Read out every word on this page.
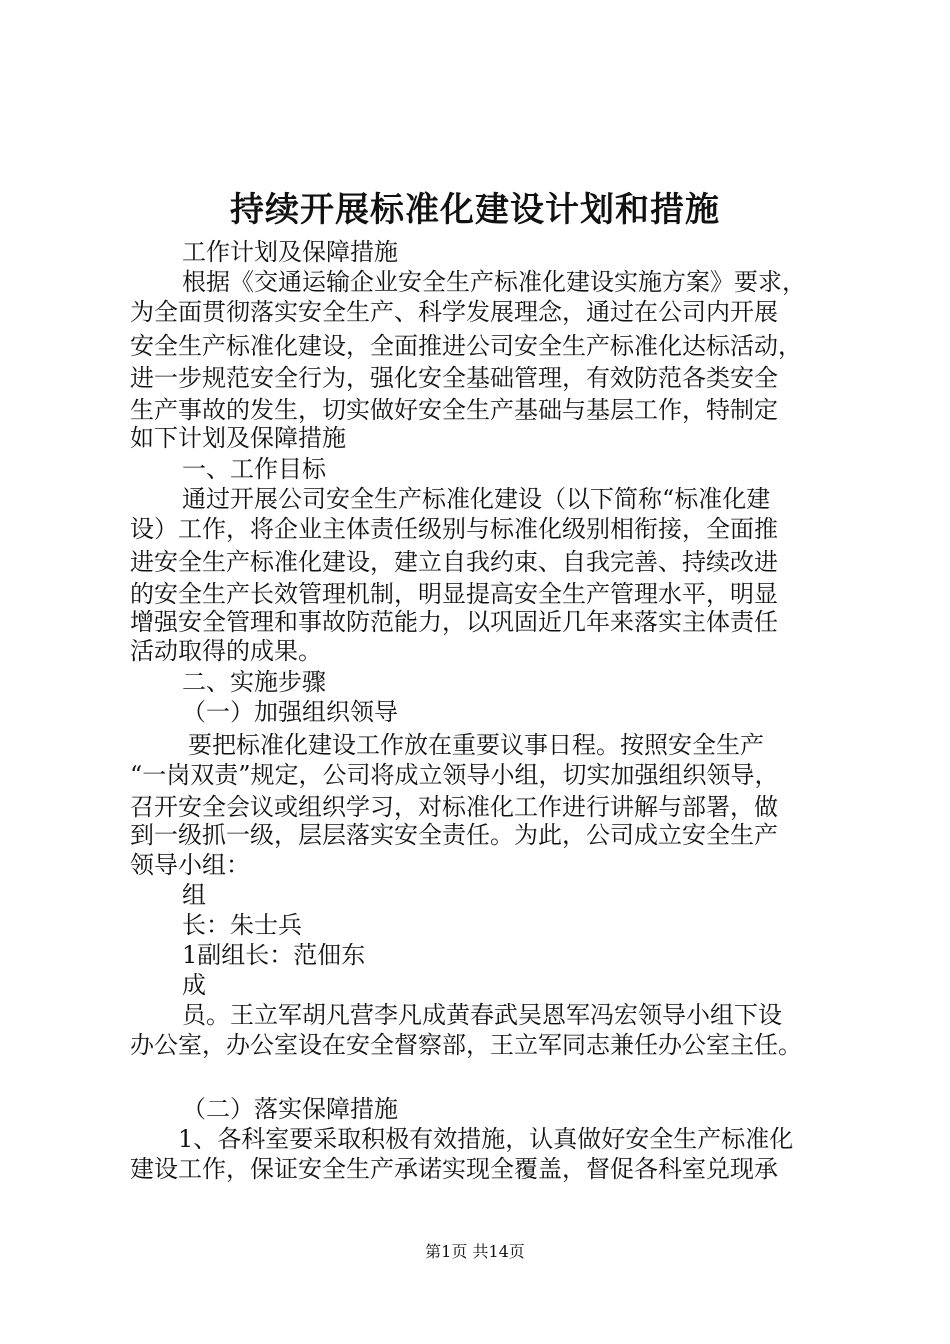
持续开展标准化建设计划和措施
工作计划及保障措施
根据《交通运输企业安全生产标准化建设实施方案》要求，
为全面贯彻落实安全生产、科学发展理念，通过在公司内开展
安全生产标准化建设，全面推进公司安全生产标准化达标活动，
进一步规范安全行为，强化安全基础管理，有效防范各类安全
生产事故的发生，切实做好安全生产基础与基层工作，特制定
如下计划及保障措施
一、工作目标
通过开展公司安全生产标准化建设（以下简称“标准化建
设）工作，将企业主体责任级别与标准化级别相衔接，全面推
进安全生产标准化建设，建立自我约束、自我完善、持续改进
的安全生产长效管理机制，明显提高安全生产管理水平，明显
增强安全管理和事故防范能力，以巩固近几年来落实主体责任
活动取得的成果。
二、实施步骤
（一）加强组织领导
要把标准化建设工作放在重要议事日程。按照安全生产
“一岗双责”规定，公司将成立领导小组，切实加强组织领导，
召开安全会议或组织学习，对标准化工作进行讲解与部署，做
到一级抓一级，层层落实安全责任。为此，公司成立安全生产
领导小组：
组
长：朱士兵
1副组长：范佃东
成
员。王立军胡凡营李凡成黄春武吴恩军冯宏领导小组下设
办公室，办公室设在安全督察部，王立军同志兼任办公室主任。
（二）落实保障措施
1、各科室要采取积极有效措施，认真做好安全生产标准化
建设工作，保证安全生产承诺实现全覆盖，督促各科室兑现承
第1页 共14页
